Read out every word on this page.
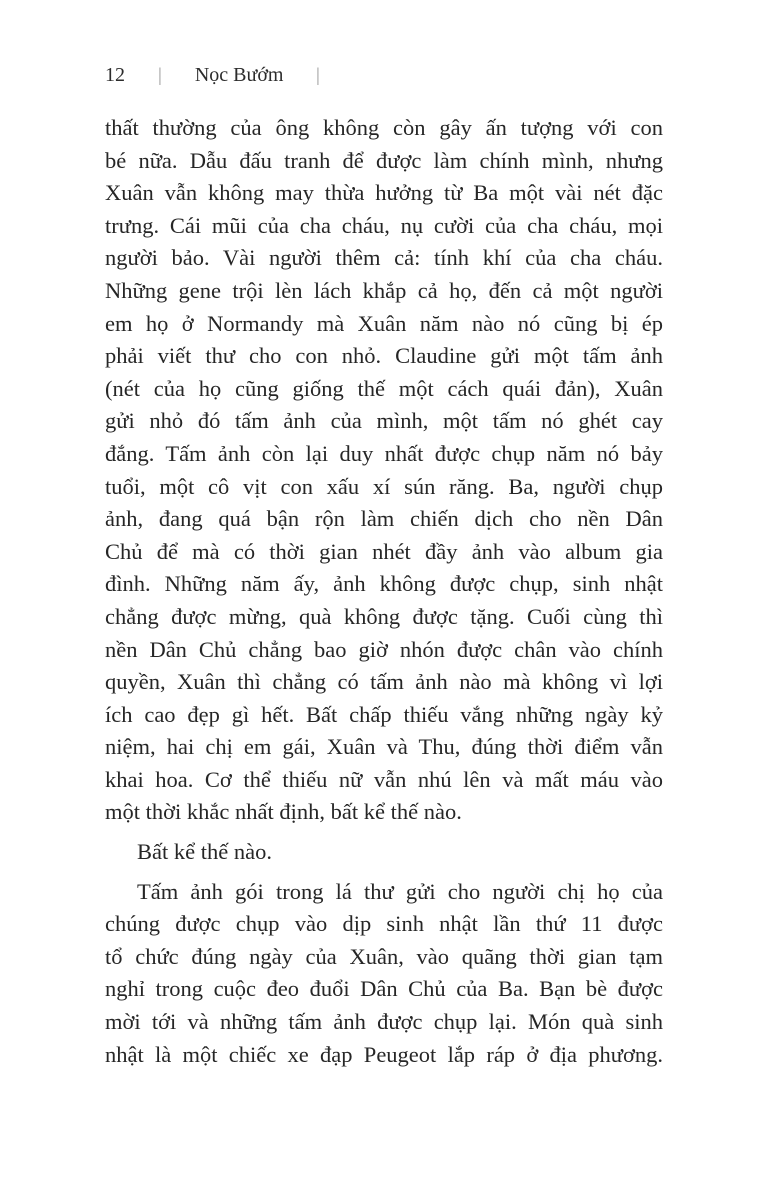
12 | Nọc Bướm |
thất thường của ông không còn gây ấn tượng với con
bé nữa. Dẫu đấu tranh để được làm chính mình, nhưng
Xuân vẫn không may thừa hưởng từ Ba một vài nét đặc
trưng. Cái mũi của cha cháu, nụ cười của cha cháu, mọi
người bảo. Vài người thêm cả: tính khí của cha cháu.
Những gene trội lèn lách khắp cả họ, đến cả một người
em họ ở Normandy mà Xuân năm nào nó cũng bị ép
phải viết thư cho con nhỏ. Claudine gửi một tấm ảnh
(nét của họ cũng giống thế một cách quái đản), Xuân
gửi nhỏ đó tấm ảnh của mình, một tấm nó ghét cay
đắng. Tấm ảnh còn lại duy nhất được chụp năm nó bảy
tuổi, một cô vịt con xấu xí sún răng. Ba, người chụp
ảnh, đang quá bận rộn làm chiến dịch cho nền Dân
Chủ để mà có thời gian nhét đầy ảnh vào album gia
đình. Những năm ấy, ảnh không được chụp, sinh nhật
chẳng được mừng, quà không được tặng. Cuối cùng thì
nền Dân Chủ chẳng bao giờ nhón được chân vào chính
quyền, Xuân thì chẳng có tấm ảnh nào mà không vì lợi
ích cao đẹp gì hết. Bất chấp thiếu vắng những ngày kỷ
niệm, hai chị em gái, Xuân và Thu, đúng thời điểm vẫn
khai hoa. Cơ thể thiếu nữ vẫn nhú lên và mất máu vào
một thời khắc nhất định, bất kể thế nào.
Bất kể thế nào.
Tấm ảnh gói trong lá thư gửi cho người chị họ của
chúng được chụp vào dịp sinh nhật lần thứ 11 được
tổ chức đúng ngày của Xuân, vào quãng thời gian tạm
nghỉ trong cuộc đeo đuổi Dân Chủ của Ba. Bạn bè được
mời tới và những tấm ảnh được chụp lại. Món quà sinh
nhật là một chiếc xe đạp Peugeot lắp ráp ở địa phương.
